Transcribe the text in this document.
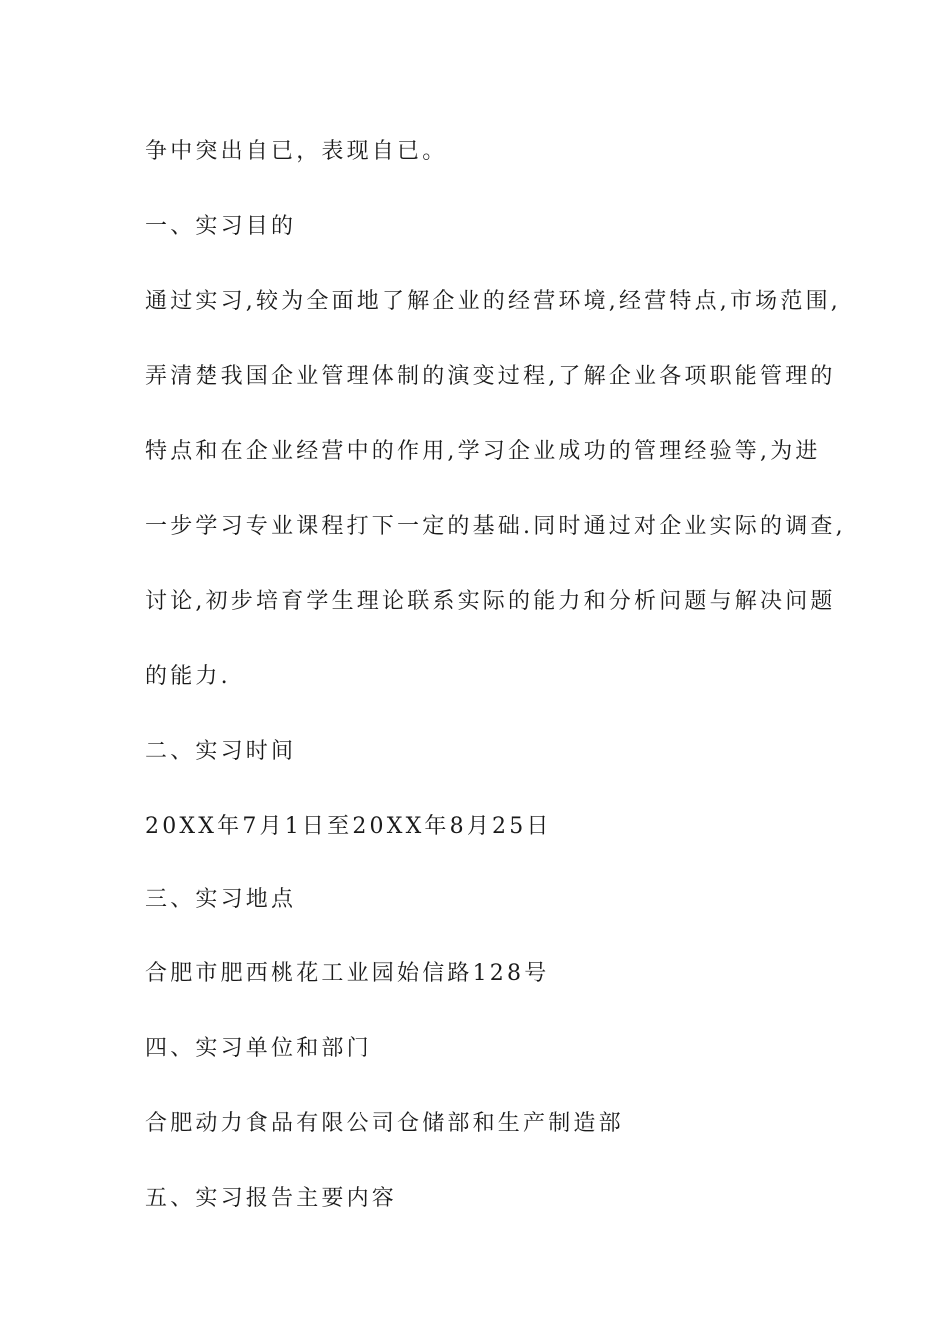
争中突出自已，表现自已。
一、实习目的
通过实习,较为全面地了解企业的经营环境,经营特点,市场范围,
弄清楚我国企业管理体制的演变过程,了解企业各项职能管理的
特点和在企业经营中的作用,学习企业成功的管理经验等,为进
一步学习专业课程打下一定的基础.同时通过对企业实际的调查,
讨论,初步培育学生理论联系实际的能力和分析问题与解决问题
的能力.
二、实习时间
20XX年7月1日至20XX年8月25日
三、实习地点
合肥市肥西桃花工业园始信路128号
四、实习单位和部门
合肥动力食品有限公司仓储部和生产制造部
五、实习报告主要内容
